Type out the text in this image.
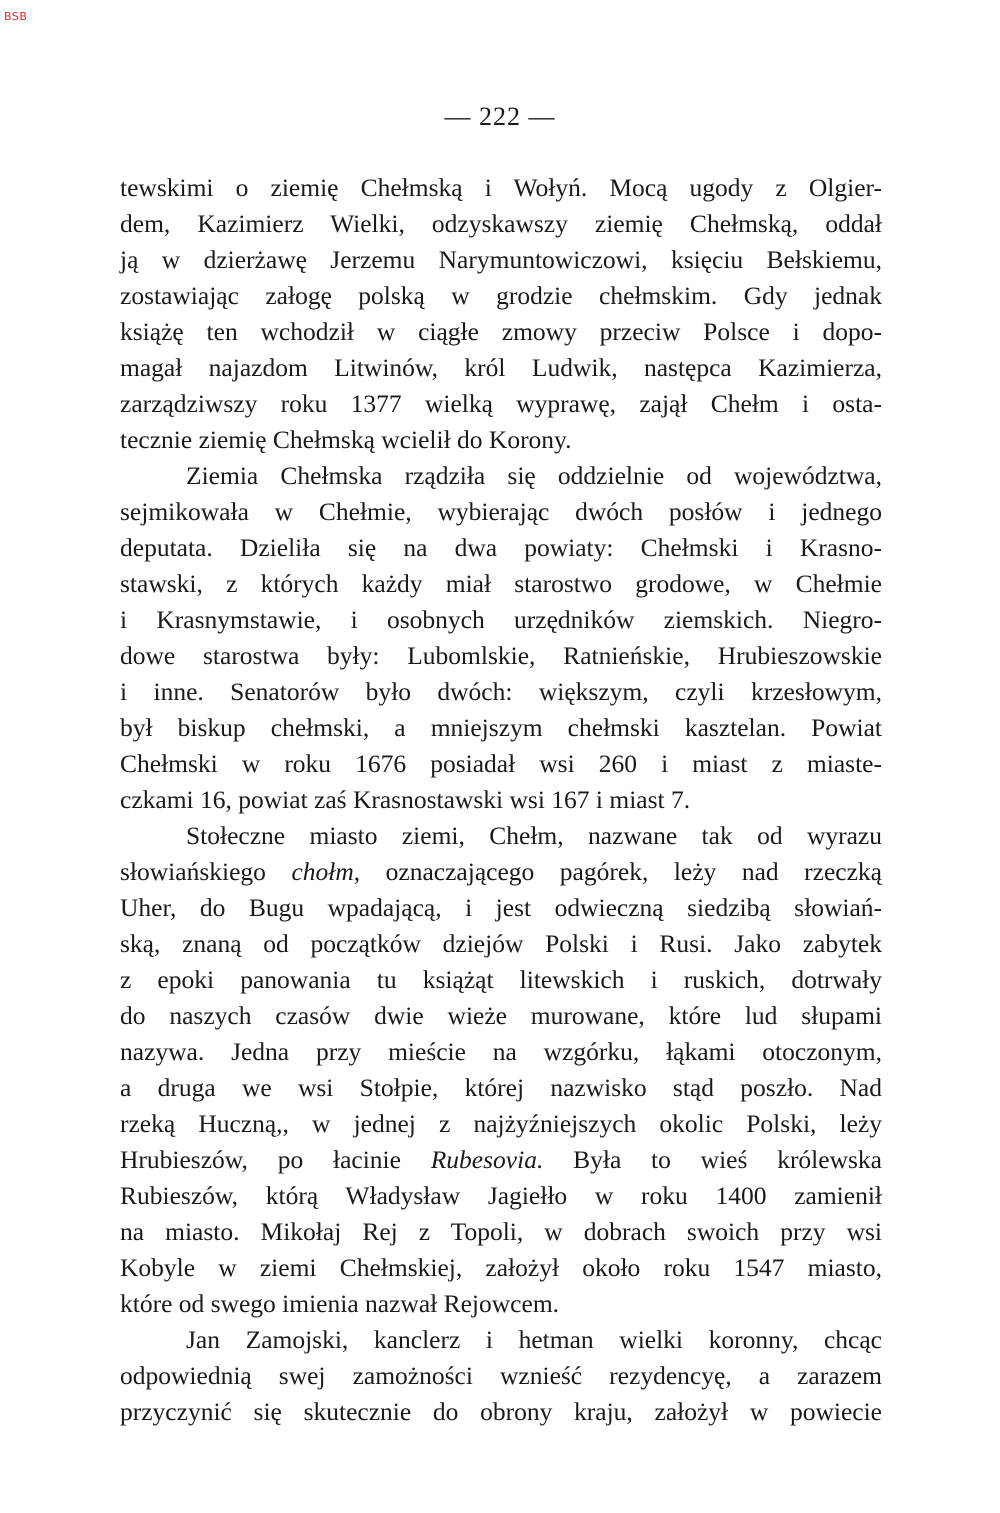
BSB
— 222 —
tewskimi o ziemię Chełmską i Wołyń. Mocą ugody z Olgier-
dem, Kazimierz Wielki, odzyskawszy ziemię Chełmską, oddał
ją w dzierżawę Jerzemu Narymuntowiczowi, księciu Bełskiemu,
zostawiając załogę polską w grodzie chełmskim. Gdy jednak
książę ten wchodził w ciągłe zmowy przeciw Polsce i dopo-
magał najazdom Litwinów, król Ludwik, następca Kazimierza,
zarządziwszy roku 1377 wielką wyprawę, zajął Chełm i osta-
tecznie ziemię Chełmską wcielił do Korony.
Ziemia Chełmska rządziła się oddzielnie od województwa,
sejmikowała w Chełmie, wybierając dwóch posłów i jednego
deputata. Dzieliła się na dwa powiaty: Chełmski i Krasno-
stawski, z których każdy miał starostwo grodowe, w Chełmie
i Krasnymstawie, i osobnych urzędników ziemskich. Niegro-
dowe starostwa były: Lubomlskie, Ratnieńskie, Hrubieszowskie
i inne. Senatorów było dwóch: większym, czyli krzesłowym,
był biskup chełmski, a mniejszym chełmski kasztelan. Powiat
Chełmski w roku 1676 posiadał wsi 260 i miast z miaste-
czkami 16, powiat zaś Krasnostawski wsi 167 i miast 7.
Stołeczne miasto ziemi, Chełm, nazwane tak od wyrazu
słowiańskiego chołm, oznaczającego pagórek, leży nad rzeczką
Uher, do Bugu wpadającą, i jest odwieczną siedzibą słowiań-
ską, znaną od początków dziejów Polski i Rusi. Jako zabytek
z epoki panowania tu książąt litewskich i ruskich, dotrwały
do naszych czasów dwie wieże murowane, które lud słupami
nazywa. Jedna przy mieście na wzgórku, łąkami otoczonym,
a druga we wsi Stołpie, której nazwisko stąd poszło. Nad
rzeką Huczną,, w jednej z najżyźniejszych okolic Polski, leży
Hrubieszów, po łacinie Rubesovia. Była to wieś królewska
Rubieszów, którą Władysław Jagiełło w roku 1400 zamienił
na miasto. Mikołaj Rej z Topoli, w dobrach swoich przy wsi
Kobyle w ziemi Chełmskiej, założył około roku 1547 miasto,
które od swego imienia nazwał Rejowcem.
Jan Zamojski, kanclerz i hetman wielki koronny, chcąc
odpowiednią swej zamożności wznieść rezydencyę, a zarazem
przyczynić się skutecznie do obrony kraju, założył w powiecie
